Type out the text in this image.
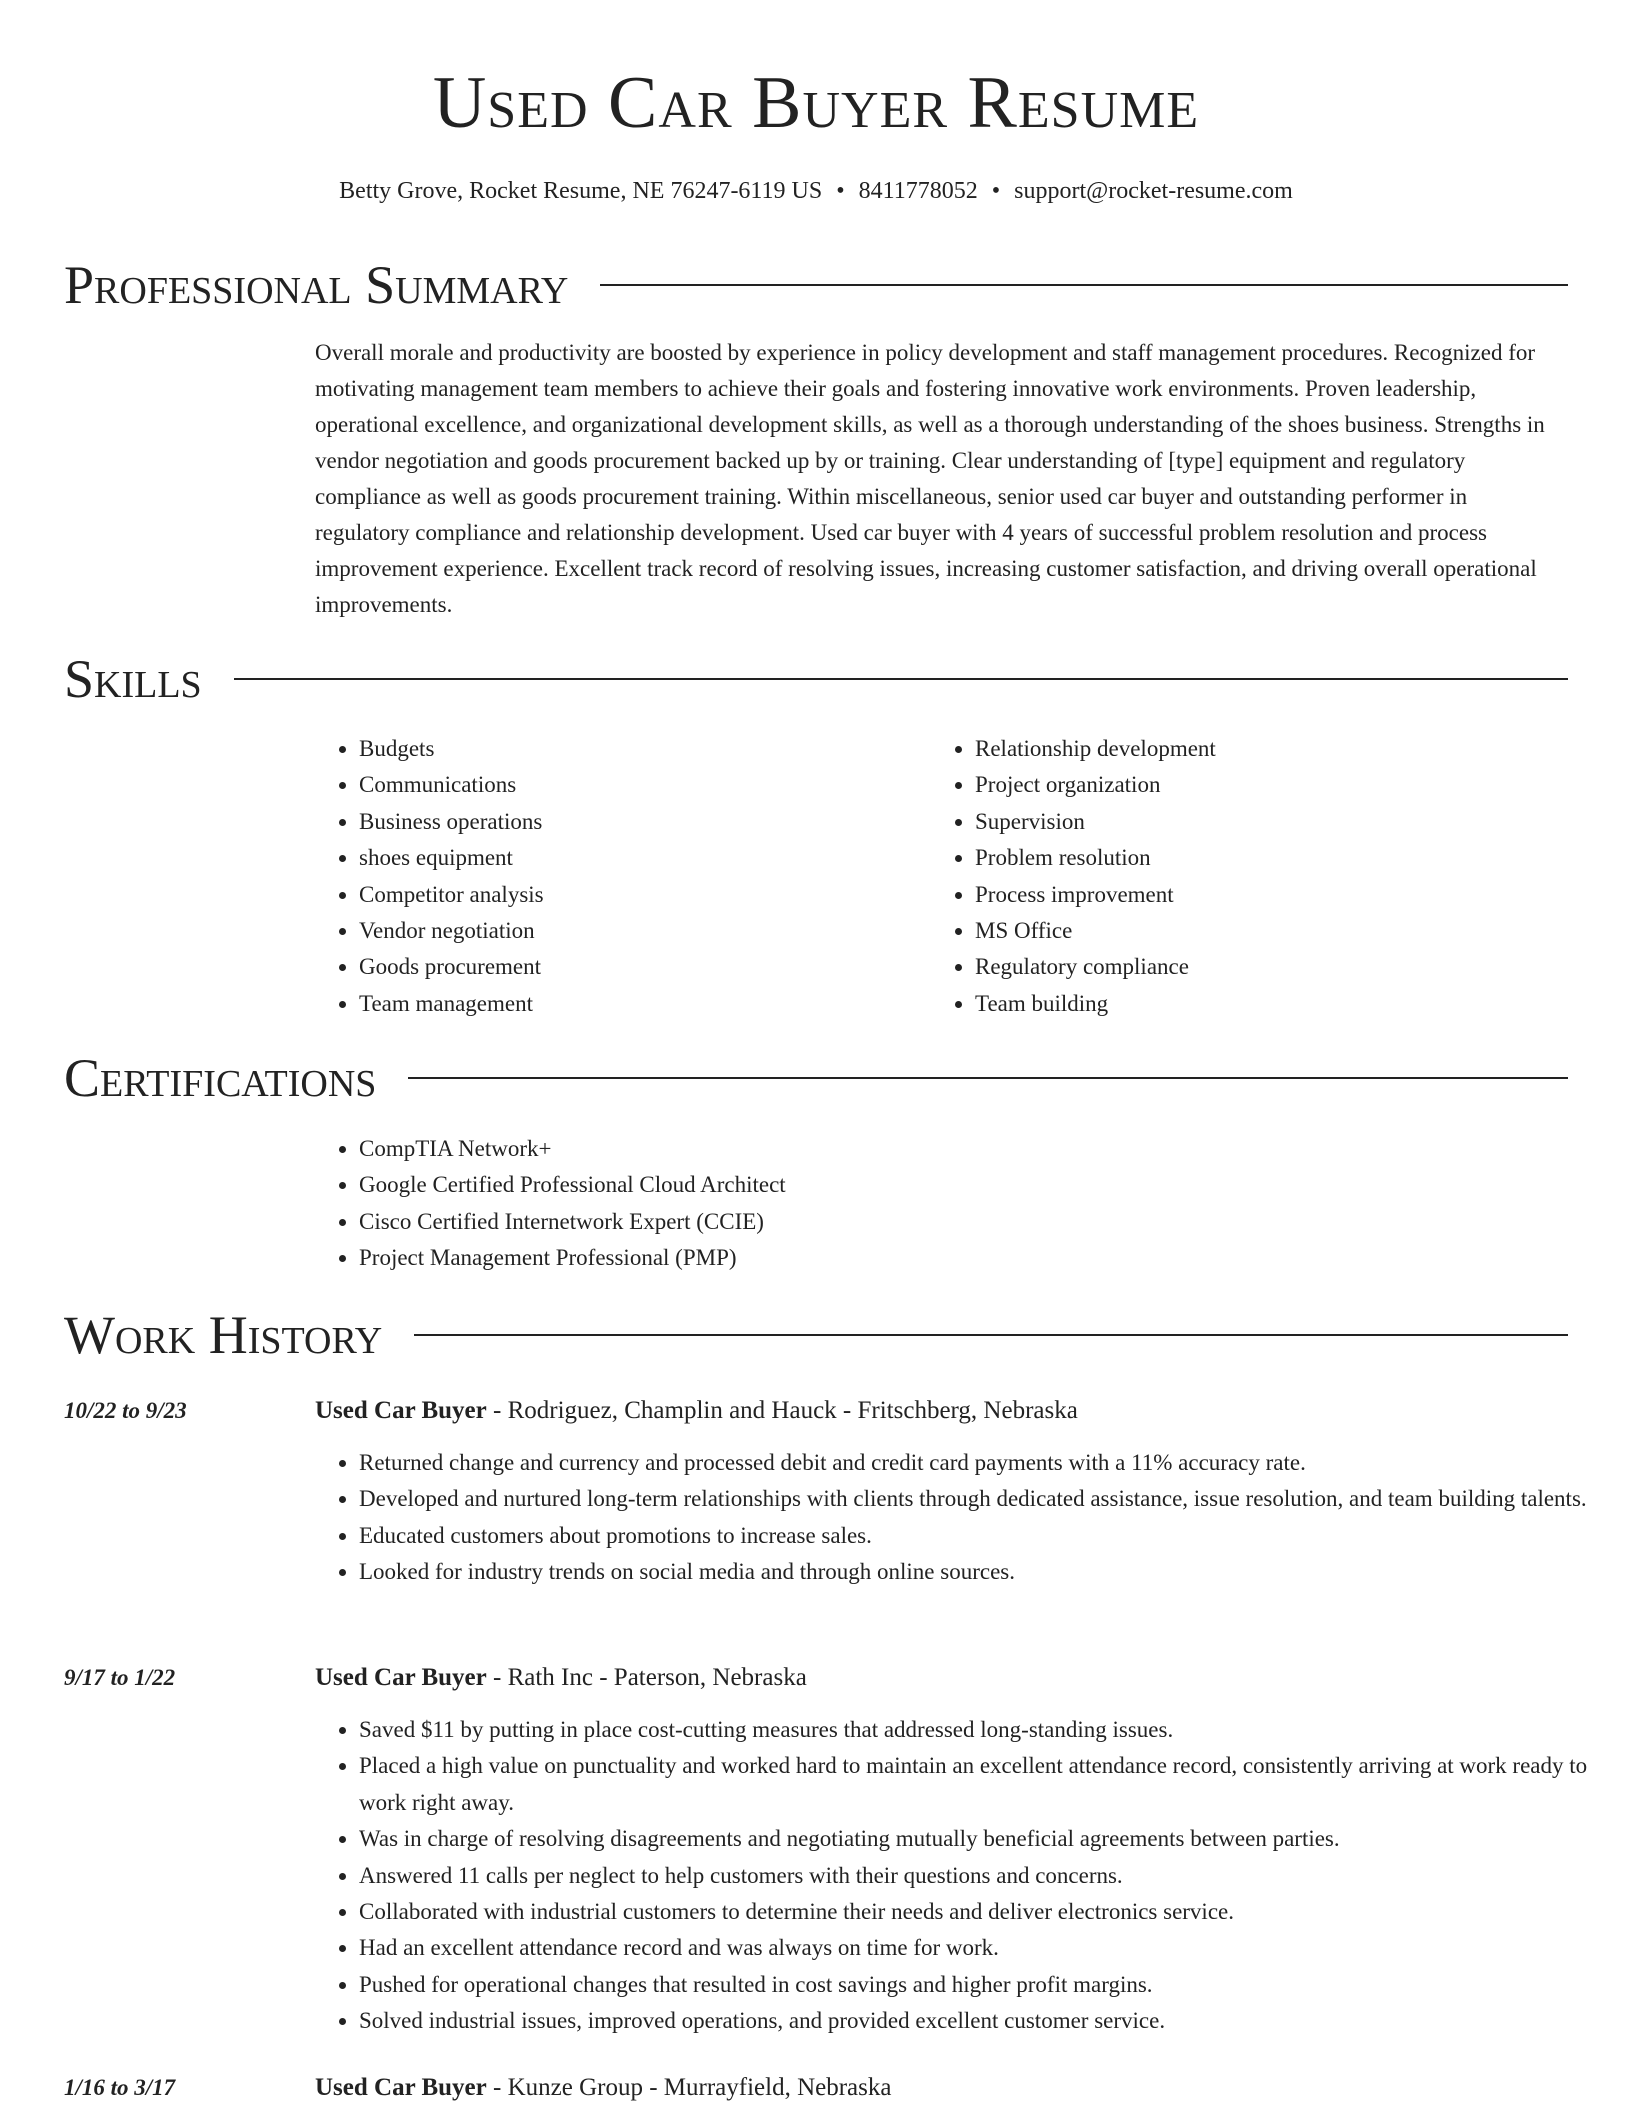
Used Car Buyer Resume
Betty Grove, Rocket Resume, NE 76247-6119 US • 8411778052 • support@rocket-resume.com
Professional Summary

Overall morale and productivity are boosted by experience in policy development and staff management procedures. Recognized for motivating management team members to achieve their goals and fostering innovative work environments. Proven leadership, operational excellence, and organizational development skills, as well as a thorough understanding of the shoes business. Strengths in vendor negotiation and goods procurement backed up by or training. Clear understanding of [type] equipment and regulatory compliance as well as goods procurement training. Within miscellaneous, senior used car buyer and outstanding performer in regulatory compliance and relationship development. Used car buyer with 4 years of successful problem resolution and process improvement experience. Excellent track record of resolving issues, increasing customer satisfaction, and driving overall operational improvements.

Skills
• Budgets
• Communications
• Business operations
• shoes equipment
• Competitor analysis
• Vendor negotiation
• Goods procurement
• Team management
• Relationship development
• Project organization
• Supervision
• Problem resolution
• Process improvement
• MS Office
• Regulatory compliance
• Team building
Certifications
• CompTIA Network+
• Google Certified Professional Cloud Architect
• Cisco Certified Internetwork Expert (CCIE)
• Project Management Professional (PMP)
Work History
10/22 to 9/23	Used Car Buyer - Rodriguez, Champlin and Hauck - Fritschberg, Nebraska
• Returned change and currency and processed debit and credit card payments with a 11% accuracy rate.
• Developed and nurtured long-term relationships with clients through dedicated assistance, issue resolution, and team building talents.
• Educated customers about promotions to increase sales.
• Looked for industry trends on social media and through online sources.
9/17 to 1/22	Used Car Buyer - Rath Inc - Paterson, Nebraska
• Saved $11 by putting in place cost-cutting measures that addressed long-standing issues.
• Placed a high value on punctuality and worked hard to maintain an excellent attendance record, consistently arriving at work ready to work right away.
• Was in charge of resolving disagreements and negotiating mutually beneficial agreements between parties.
• Answered 11 calls per neglect to help customers with their questions and concerns.
• Collaborated with industrial customers to determine their needs and deliver electronics service.
• Had an excellent attendance record and was always on time for work.
• Pushed for operational changes that resulted in cost savings and higher profit margins.
• Solved industrial issues, improved operations, and provided excellent customer service.
1/16 to 3/17	Used Car Buyer - Kunze Group - Murrayfield, Nebraska
